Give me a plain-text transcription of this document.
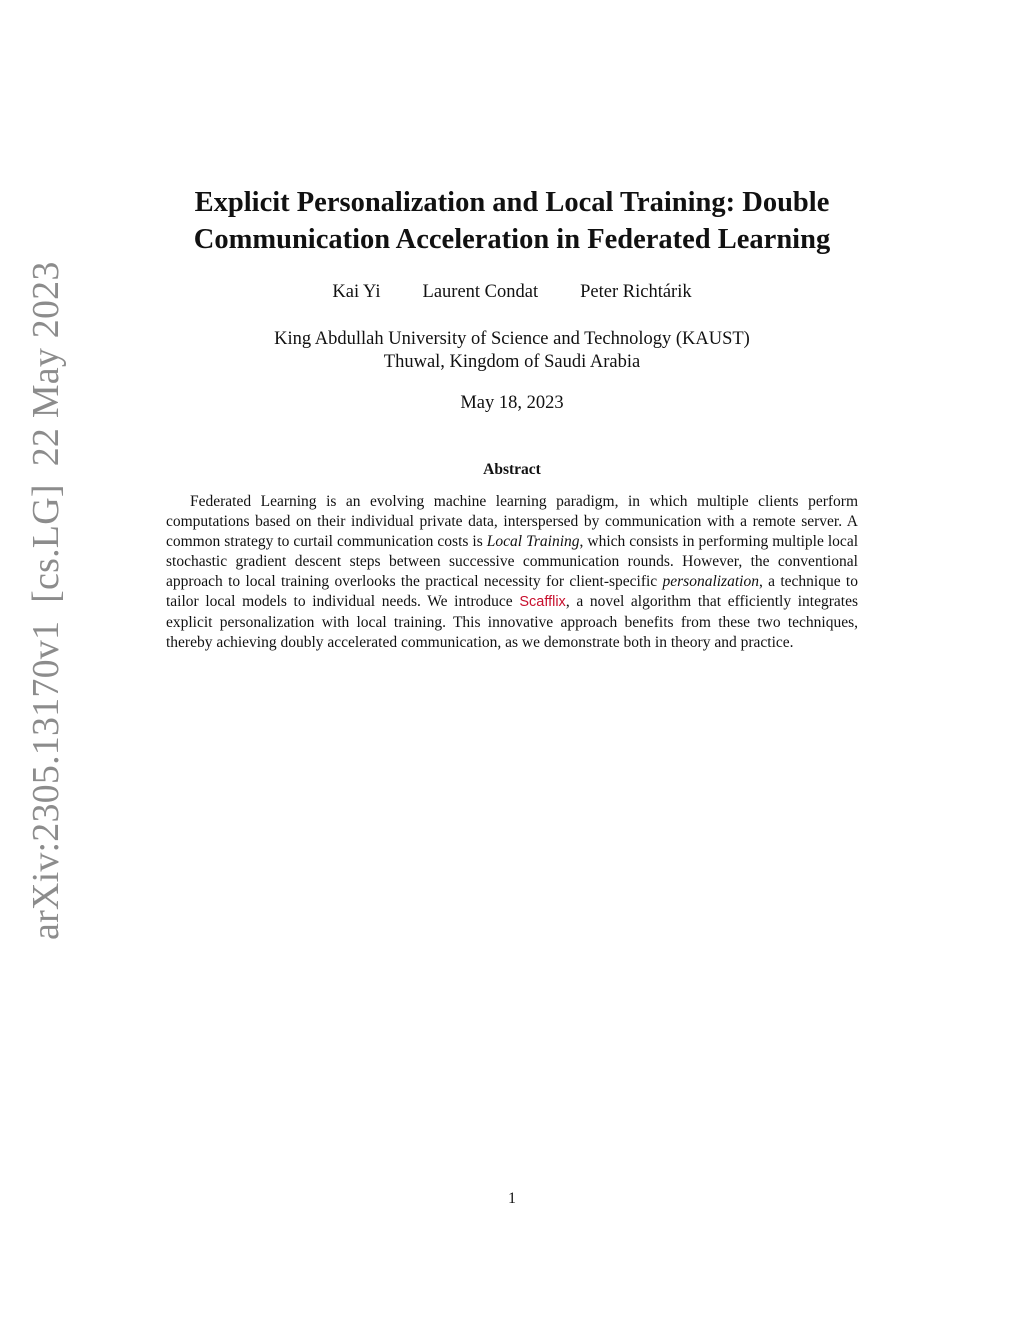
arXiv:2305.13170v1[cs.LG]22 May 2023
Explicit Personalization and Local Training: Double
Communication Acceleration in Federated Learning
Kai Yi Laurent Condat Peter Richtárik
King Abdullah University of Science and Technology (KAUST)
Thuwal, Kingdom of Saudi Arabia
May 18, 2023
Abstract
Federated Learning is an evolving machine learning paradigm, in which multiple clients perform computations based on their individual private data, interspersed by communication with a remote server. A common strategy to curtail communication costs is Local Training, which consists in performing multiple local stochastic gradient descent steps between successive communication rounds. However, the conventional approach to local training overlooks the practical necessity for client-specific personalization, a technique to tailor local models to individual needs. We introduce Scafflix, a novel algorithm that efficiently integrates explicit personalization with local training. This innovative approach benefits from these two techniques, thereby achieving doubly accelerated communication, as we demonstrate both in theory and practice.
1
